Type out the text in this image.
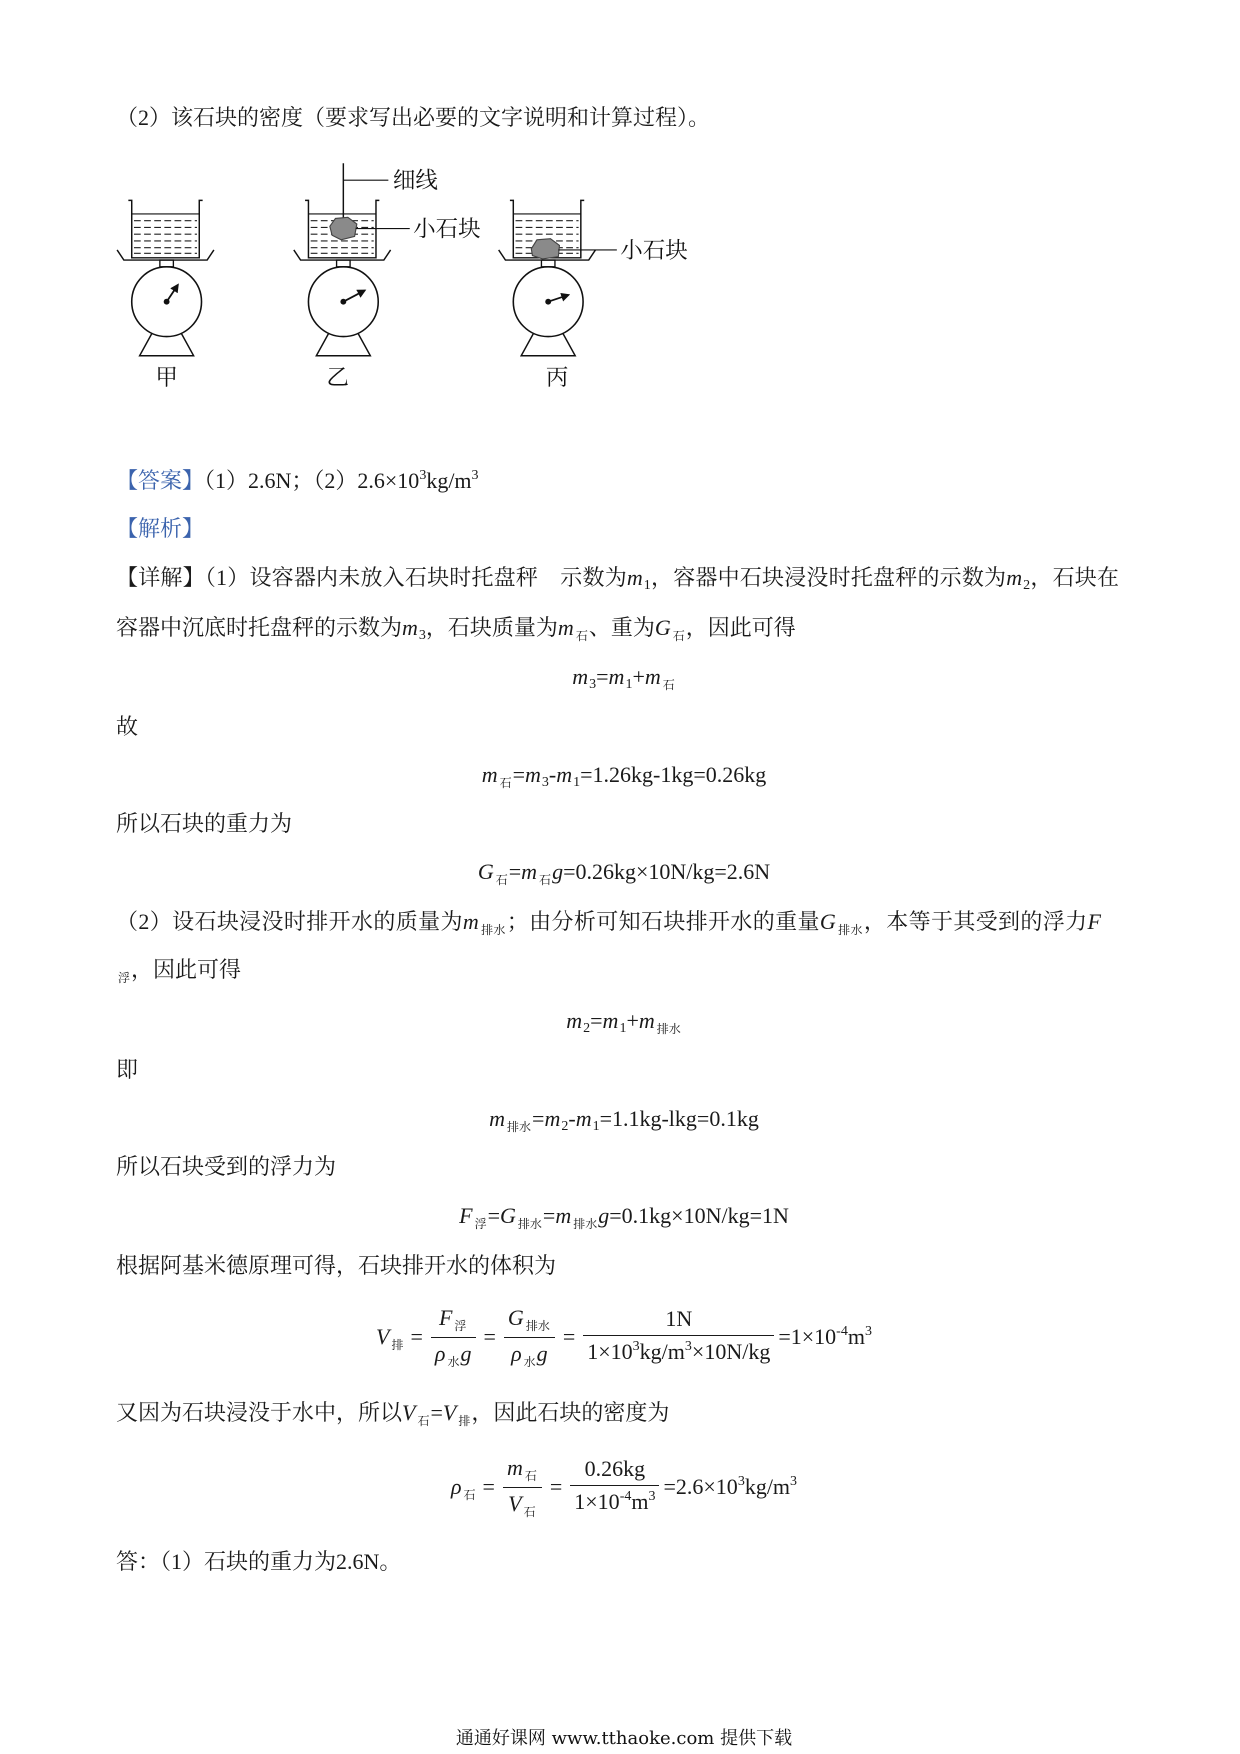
（2）该石块的密度（要求写出必要的文字说明和计算过程）。
甲
细线
小石块
乙
小石块
丙
【答案】（1）2.6N；$(2)2.6\times 10^3kg/m^3$
【解析】
【详解】（1）设容器内未放入石块时托盘秤　示数为m1，容器中石块浸没时托盘秤的示数为m2，石块在
容器中沉底时托盘秤的示数为m3，石块质量为m $_石$、重为G $_石$，因此可得
m3=m1+m $_石$
故
m $_石$=m3-m1=1.26kg-1kg=0.26kg
所以石块的重力为
G $_石$=m $_石$g=0.26kg×10N/kg=2.6N
（2）设石块浸没时排开水的质量为m $_{排水}$；由分析可知石块排开水的重量G $_{排水}$，本等于其受到的浮力F
$_浮$，因此可得
m2=m1+m $_{排水}$
即
m $_{排水}$=m2-m1=1.1kg-lkg=0.1kg
所以石块受到的浮力为
F $_浮$=G $_{排水}$=m $_{排水}$g=0.1kg×10N/kg=1N
根据阿基米德原理可得，石块排开水的体积为
V $_排 = \frac{F _浮}{\rho _水g} = \frac{G _{排水}}{\rho _水g} = \frac{1N}{1\times 10^3kg/m^3\times 10N/kg} =1\times 10^{-4}m^3$
又因为石块浸没于水中，所以V $_石$=V $_排$，因此石块的密度为
ρ $_石 = \frac{m _石}{V _石} = \frac{0.26kg}{1\times 10^{-4}m^3} =2.6\times 10^3kg/m^3$
答：（1）石块的重力为2.6N。
通通好课网 www.tthaoke.com 提供下载
